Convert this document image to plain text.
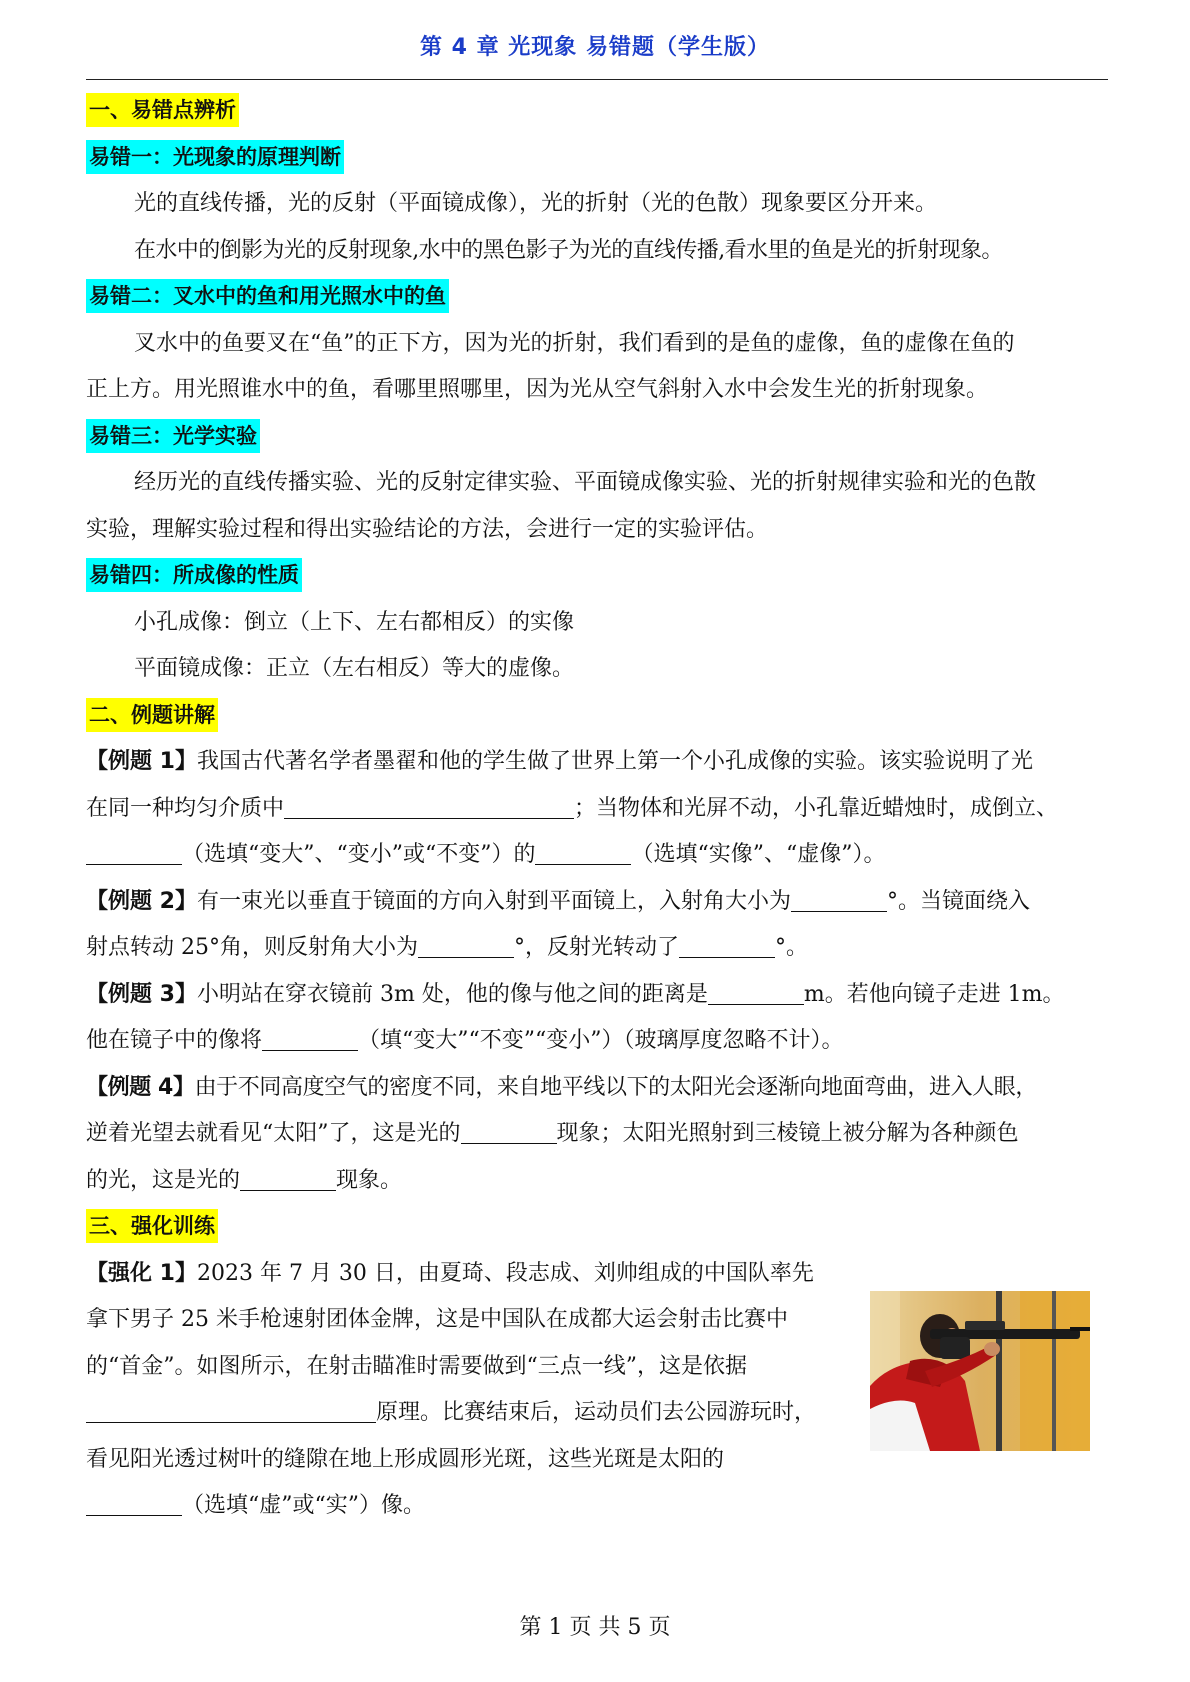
第 4 章 光现象 易错题（学生版）
一、易错点辨析
易错一：光现象的原理判断
光的直线传播，光的反射（平面镜成像），光的折射（光的色散）现象要区分开来。
在水中的倒影为光的反射现象,水中的黑色影子为光的直线传播,看水里的鱼是光的折射现象。
易错二：叉水中的鱼和用光照水中的鱼
叉水中的鱼要叉在“鱼”的正下方，因为光的折射，我们看到的是鱼的虚像，鱼的虚像在鱼的
正上方。用光照谁水中的鱼，看哪里照哪里，因为光从空气斜射入水中会发生光的折射现象。
易错三：光学实验
经历光的直线传播实验、光的反射定律实验、平面镜成像实验、光的折射规律实验和光的色散
实验，理解实验过程和得出实验结论的方法，会进行一定的实验评估。
易错四：所成像的性质
小孔成像：倒立（上下、左右都相反）的实像
平面镜成像：正立（左右相反）等大的虚像。
二、例题讲解
【例题 1】我国古代著名学者墨翟和他的学生做了世界上第一个小孔成像的实验。该实验说明了光
在同一种均匀介质中	；当物体和光屏不动，小孔靠近蜡烛时，成倒立、
（选填“变大”、“变小”或“不变”）的	（选填“实像”、“虚像”）。
【例题 2】有一束光以垂直于镜面的方向入射到平面镜上，入射角大小为	°。当镜面绕入
射点转动 25°角，则反射角大小为	°，反射光转动了	°。
【例题 3】小明站在穿衣镜前 3m 处，他的像与他之间的距离是	m。若他向镜子走进 1m。
他在镜子中的像将	（填“变大”“不变”“变小”）（玻璃厚度忽略不计）。
【例题 4】由于不同高度空气的密度不同，来自地平线以下的太阳光会逐渐向地面弯曲，进入人眼，
逆着光望去就看见“太阳”了，这是光的	现象；太阳光照射到三棱镜上被分解为各种颜色
的光，这是光的	现象。
三、强化训练
【强化 1】2023 年 7 月 30 日，由夏琦、段志成、刘帅组成的中国队率先
拿下男子 25 米手枪速射团体金牌，这是中国队在成都大运会射击比赛中
的“首金”。如图所示，在射击瞄准时需要做到“三点一线”，这是依据
原理。比赛结束后，运动员们去公园游玩时，
看见阳光透过树叶的缝隙在地上形成圆形光斑，这些光斑是太阳的
（选填“虚”或“实”）像。
第 1 页 共 5 页
